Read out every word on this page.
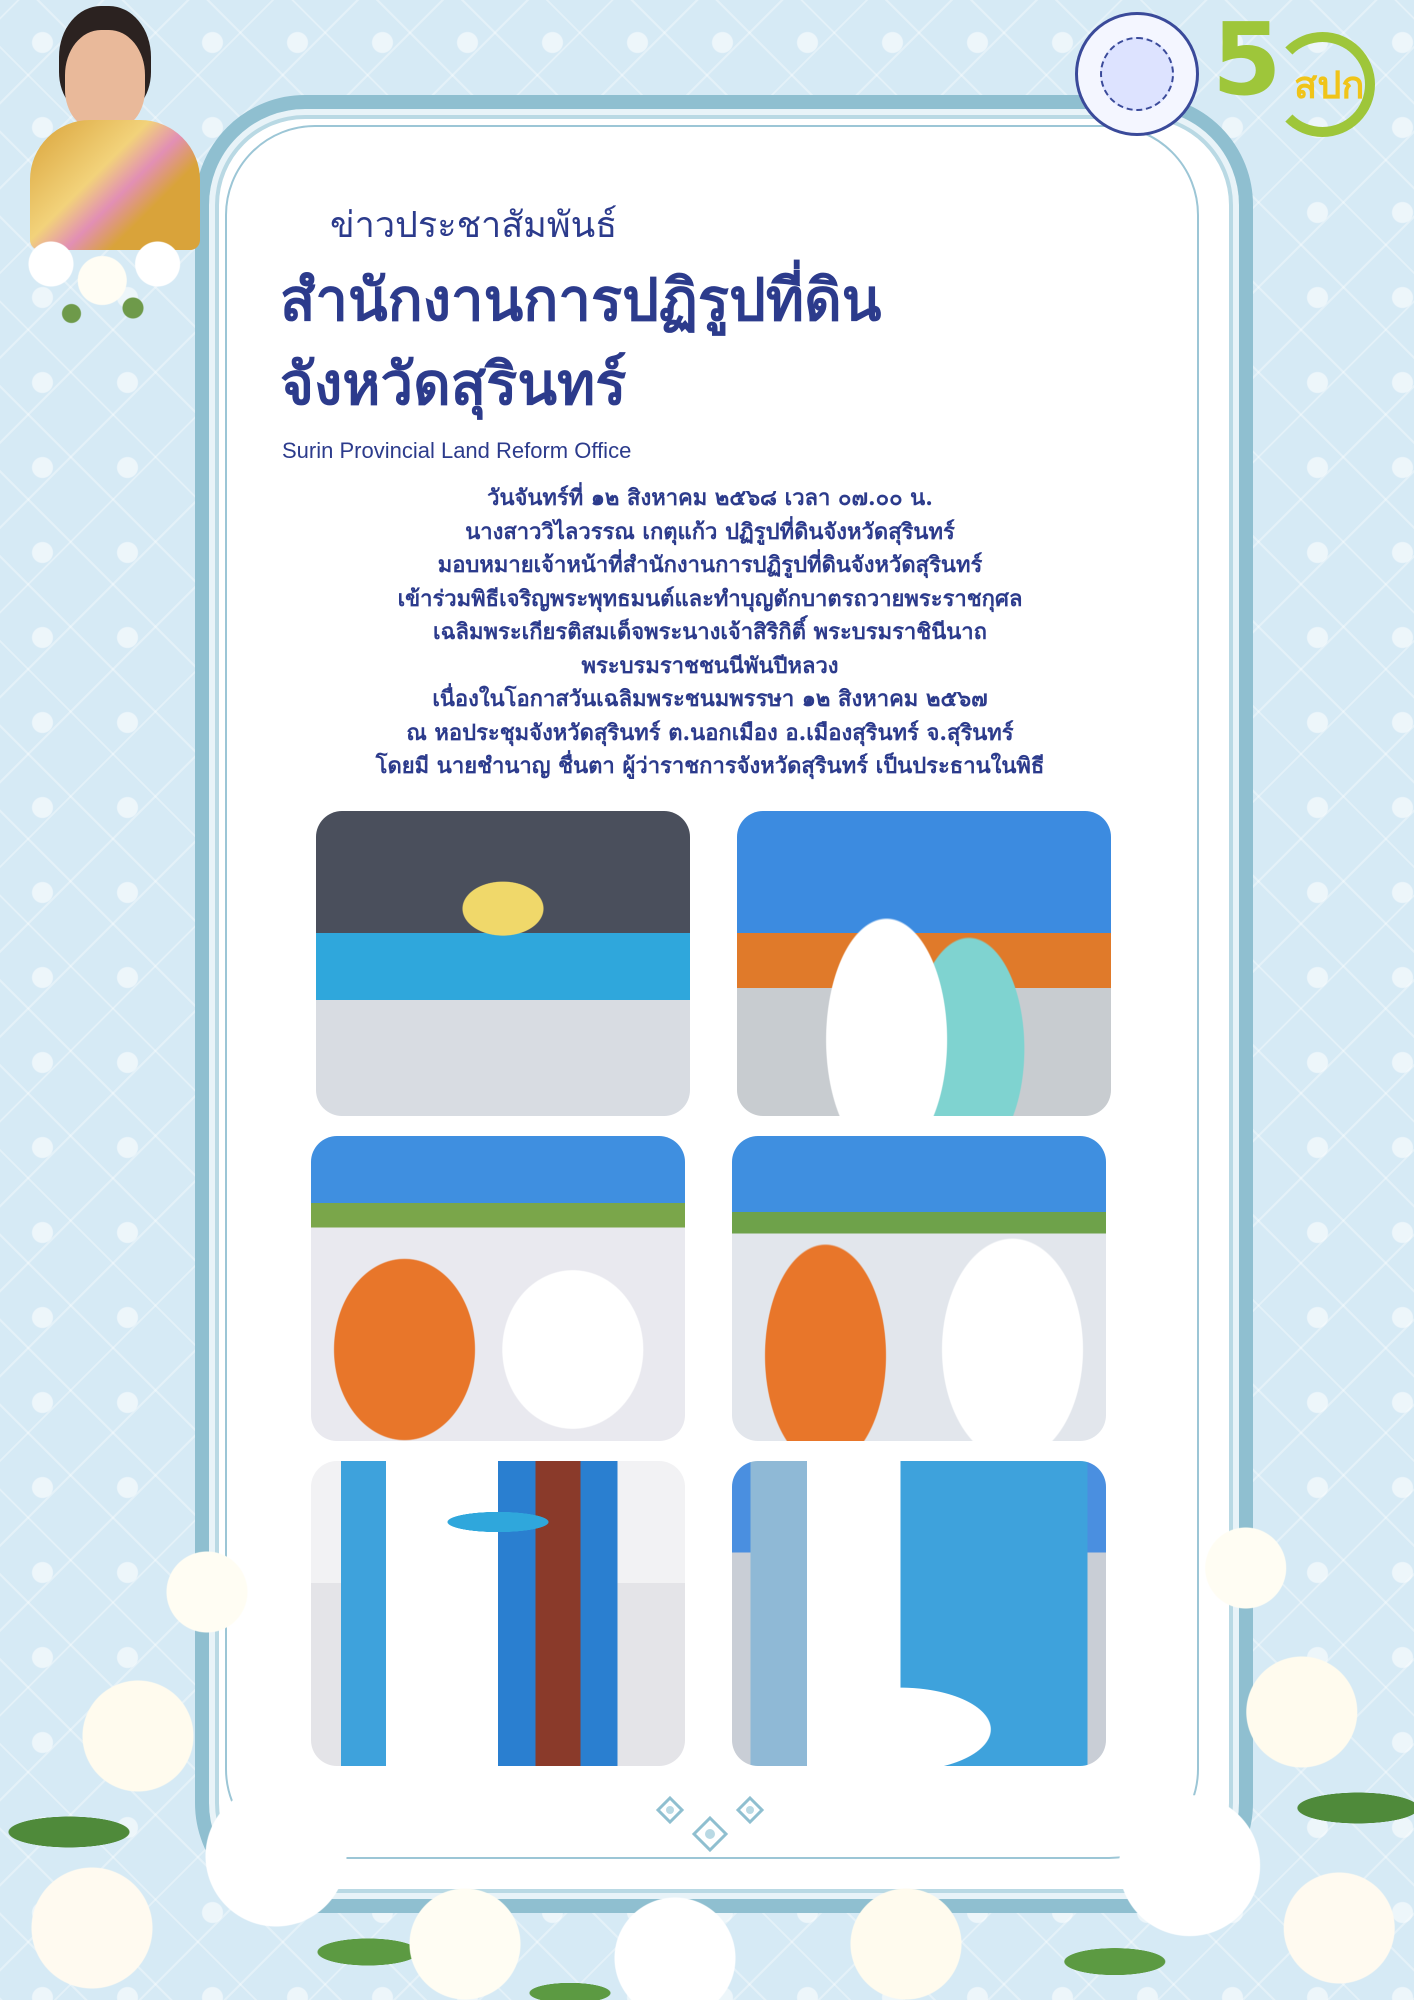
5 สปก
ข่าวประชาสัมพันธ์
สำนักงานการปฏิรูปที่ดิน
จังหวัดสุรินทร์
Surin Provincial Land Reform Office
วันจันทร์ที่ ๑๒ สิงหาคม ๒๕๖๘ เวลา ๐๗.๐๐ น.
นางสาววิไลวรรณ เกตุแก้ว ปฏิรูปที่ดินจังหวัดสุรินทร์
มอบหมายเจ้าหน้าที่สำนักงานการปฏิรูปที่ดินจังหวัดสุรินทร์
เข้าร่วมพิธีเจริญพระพุทธมนต์และทำบุญตักบาตรถวายพระราชกุศล
เฉลิมพระเกียรติสมเด็จพระนางเจ้าสิริกิติ์ พระบรมราชินีนาถ
พระบรมราชชนนีพันปีหลวง
เนื่องในโอกาสวันเฉลิมพระชนมพรรษา ๑๒ สิงหาคม ๒๕๖๗
ณ หอประชุมจังหวัดสุรินทร์ ต.นอกเมือง อ.เมืองสุรินทร์ จ.สุรินทร์
โดยมี นายชำนาญ ชื่นตา ผู้ว่าราชการจังหวัดสุรินทร์ เป็นประธานในพิธี
